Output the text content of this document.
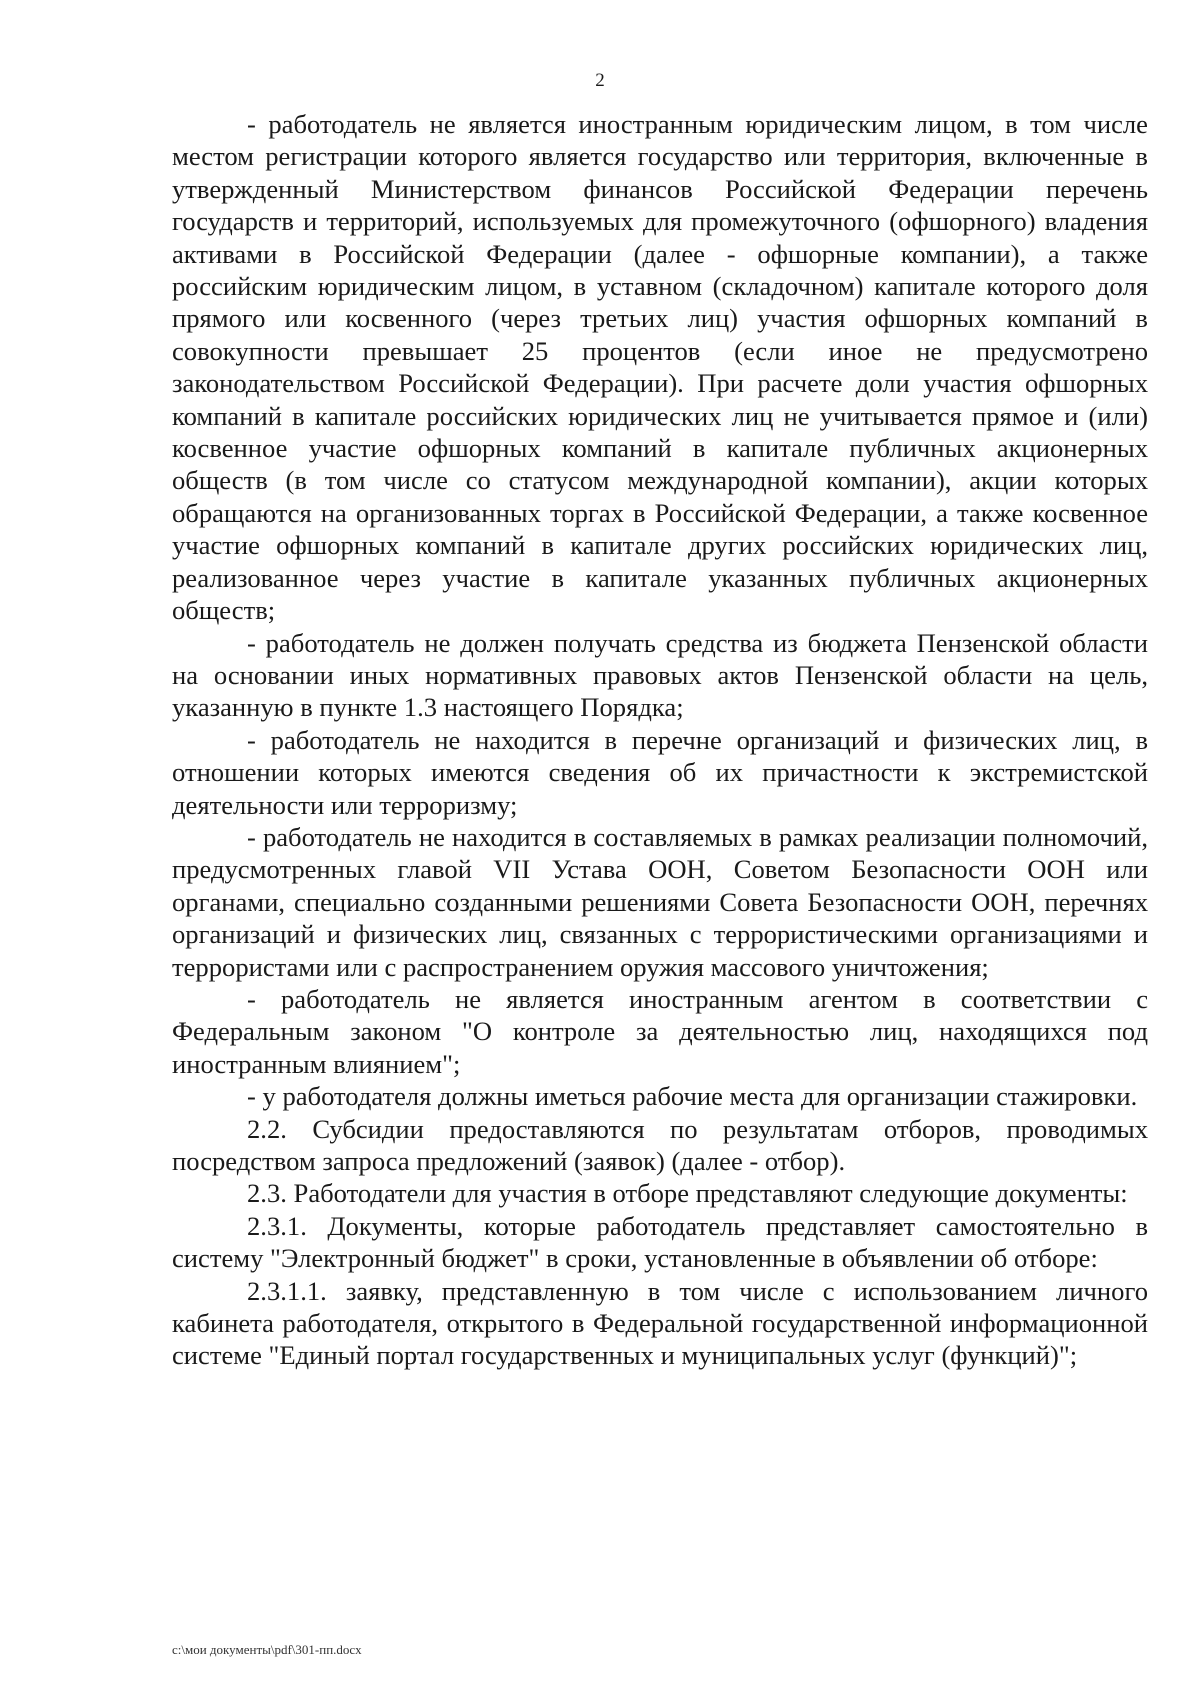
2

- работодатель не является иностранным юридическим лицом, в том числе местом регистрации которого является государство или территория, включенные в утвержденный Министерством финансов Российской Федерации перечень государств и территорий, используемых для промежуточного (офшорного) владения активами в Российской Федерации (далее - офшорные компании), а также российским юридическим лицом, в уставном (складочном) капитале которого доля прямого или косвенного (через третьих лиц) участия офшорных компаний в совокупности превышает 25 процентов (если иное не предусмотрено законодательством Российской Федерации). При расчете доли участия офшорных компаний в капитале российских юридических лиц не учитывается прямое и (или) косвенное участие офшорных компаний в капитале публичных акционерных обществ (в том числе со статусом международной компании), акции которых обращаются на организованных торгах в Российской Федерации, а также косвенное участие офшорных компаний в капитале других российских юридических лиц, реализованное через участие в капитале указанных публичных акционерных обществ;

- работодатель не должен получать средства из бюджета Пензенской области на основании иных нормативных правовых актов Пензенской области на цель, указанную в пункте 1.3 настоящего Порядка;

- работодатель не находится в перечне организаций и физических лиц, в отношении которых имеются сведения об их причастности к экстремистской деятельности или терроризму;

- работодатель не находится в составляемых в рамках реализации полномочий, предусмотренных главой VII Устава ООН, Советом Безопасности ООН или органами, специально созданными решениями Совета Безопасности ООН, перечнях организаций и физических лиц, связанных с террористическими организациями и террористами или с распространением оружия массового уничтожения;

- работодатель не является иностранным агентом в соответствии с Федеральным законом "О контроле за деятельностью лиц, находящихся под иностранным влиянием";

- у работодателя должны иметься рабочие места для организации стажировки.

2.2. Субсидии предоставляются по результатам отборов, проводимых посредством запроса предложений (заявок) (далее - отбор).

2.3. Работодатели для участия в отборе представляют следующие документы:

2.3.1. Документы, которые работодатель представляет самостоятельно в систему "Электронный бюджет" в сроки, установленные в объявлении об отборе:

2.3.1.1. заявку, представленную в том числе с использованием личного кабинета работодателя, открытого в Федеральной государственной информационной системе "Единый портал государственных и муниципальных услуг (функций)";

c:\мои документы\pdf\301-пп.docx
